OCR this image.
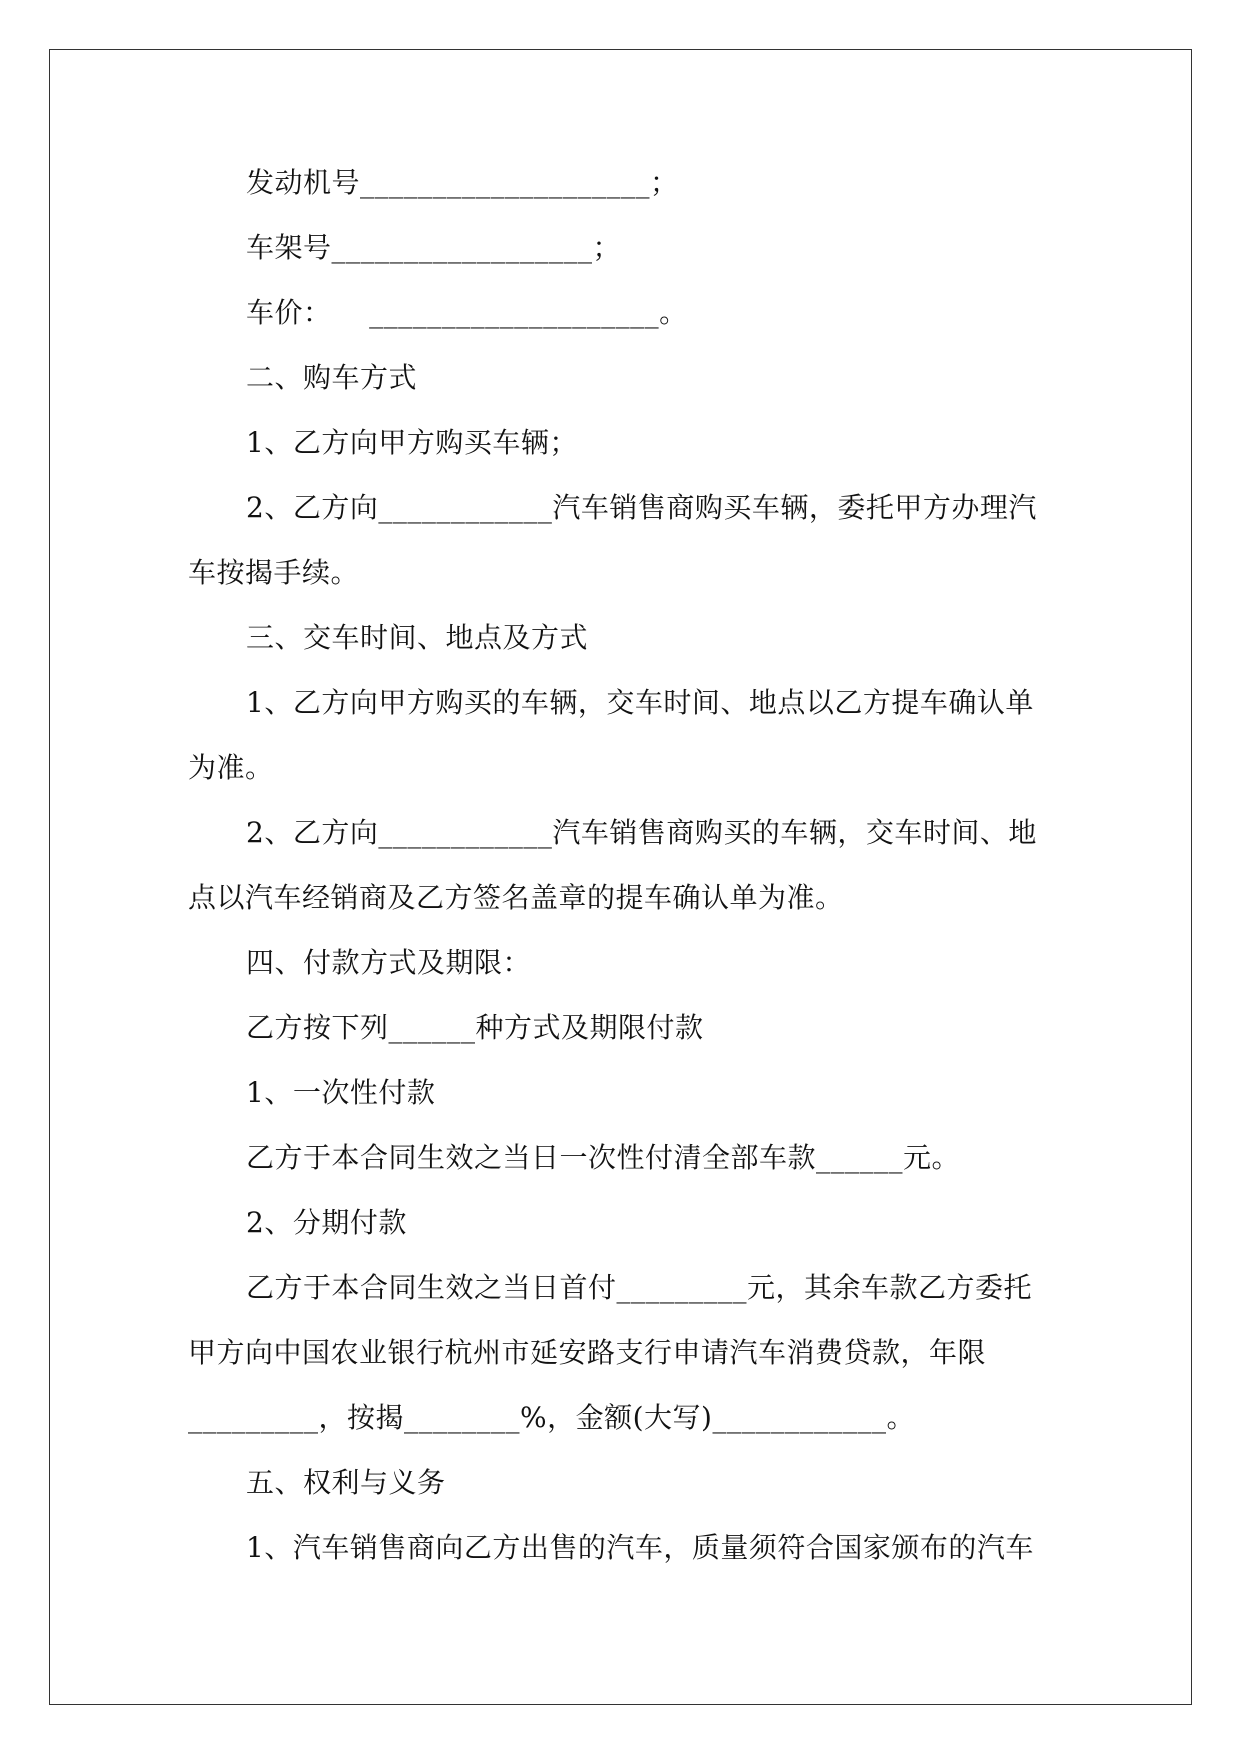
发动机号____________________；

车架号__________________；

车价：    ____________________。

二、购车方式

1、乙方向甲方购买车辆；

2、乙方向____________汽车销售商购买车辆，委托甲方办理汽车按揭手续。

三、交车时间、地点及方式

1、乙方向甲方购买的车辆，交车时间、地点以乙方提车确认单为准。

2、乙方向____________汽车销售商购买的车辆，交车时间、地点以汽车经销商及乙方签名盖章的提车确认单为准。

四、付款方式及期限：

乙方按下列______种方式及期限付款

1、一次性付款

乙方于本合同生效之当日一次性付清全部车款______元。

2、分期付款

乙方于本合同生效之当日首付_________元，其余车款乙方委托甲方向中国农业银行杭州市延安路支行申请汽车消费贷款，年限_________，按揭________%，金额(大写)____________。

五、权利与义务

1、汽车销售商向乙方出售的汽车，质量须符合国家颁布的汽车
